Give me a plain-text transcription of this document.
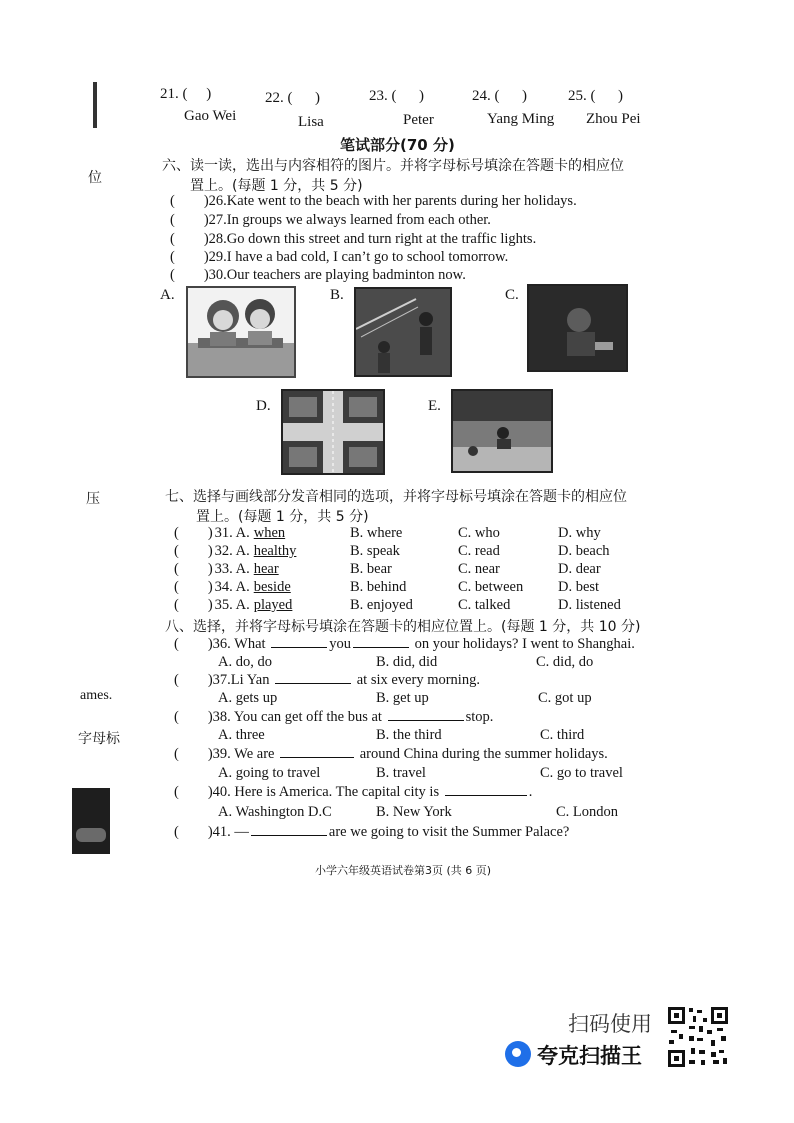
位
压
ames.
字母标
21. ( )
Gao Wei
22. ( )
Lisa
23. ( )
Peter
24. ( )
Yang Ming
25. ( )
Zhou Pei
笔试部分(70 分)
六、读一读，选出与内容相符的图片。并将字母标号填涂在答题卡的相应位
置上。(每题 1 分，共 5 分)
(        )26.Kate went to the beach with her parents during her holidays.
(        )27.In groups we always learned from each other.
(        )28.Go down this street and turn right at the traffic lights.
(        )29.I have a bad cold, I can’t go to school tomorrow.
(        )30.Our teachers are playing badminton now.
A.	B.	C.
D.	E.
七、选择与画线部分发音相同的选项，并将字母标号填涂在答题卡的相应位
置上。(每题 1 分，共 5 分)
(        ) 31. A. when	B. where	C. who	D. why
(        ) 32. A. healthy	B. speak	C. read	D. beach
(        ) 33. A. hear	B. bear	C. near	D. dear
(        ) 34. A. beside	B. behind	C. between D. best
(        ) 35. A. played	B. enjoyed	C. talked	D. listened
八、选择，并将字母标号填涂在答题卡的相应位置上。(每题 1 分，共 10 分)
(        )36. What	you	on your holidays? I went to Shanghai.
A. do, do	B. did, did	C. did, do
(        )37.Li Yan	at six every morning.
A. gets up	B. get up	C. got up
(        )38. You can get off the bus at	stop.
A. three	B. the third	C. third
(        )39. We are	around China during the summer holidays.
A. going to travel	B. travel	C. go to travel
(        )40. Here is America. The capital city is	.
A. Washington D.C	B. New York	C. London
(        )41. —	are we going to visit the Summer Palace?
小学六年级英语试卷第3页 (共 6 页)
扫码使用
夸克扫描王
